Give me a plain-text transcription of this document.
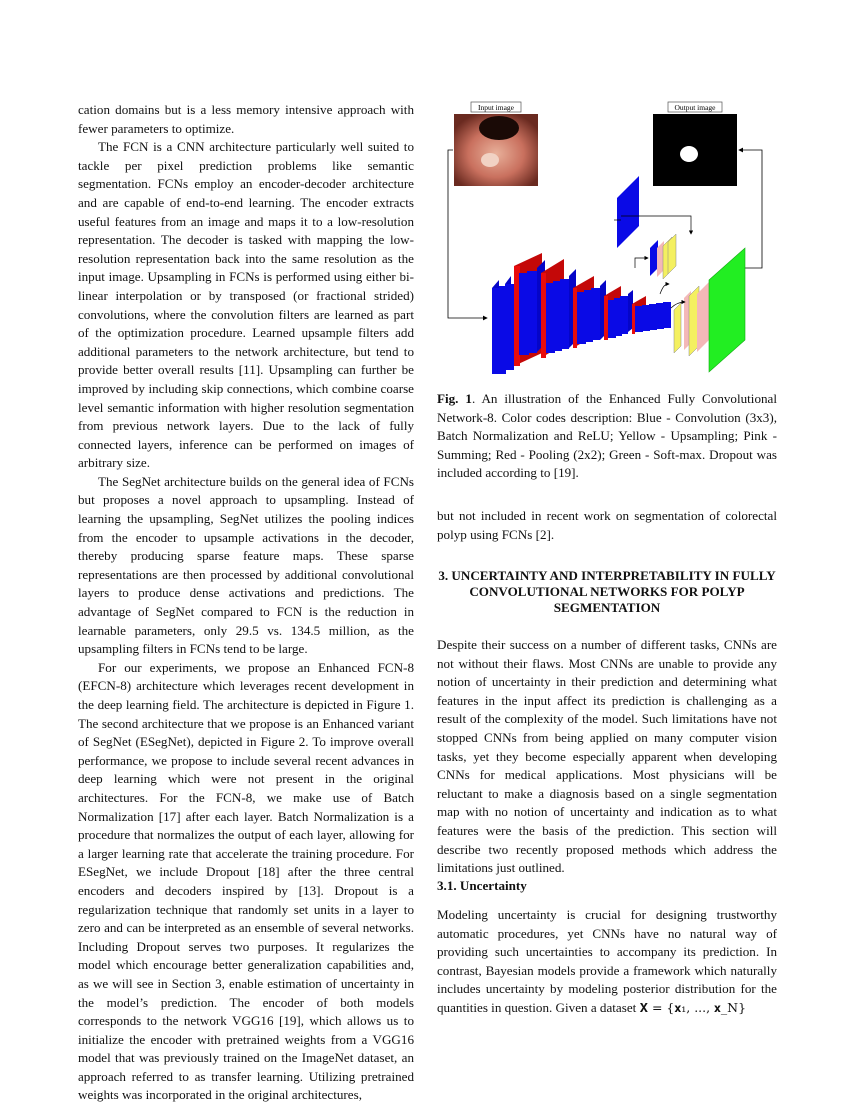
cation domains but is a less memory intensive approach with fewer parameters to optimize.

The FCN is a CNN architecture particularly well suited to tackle per pixel prediction problems like semantic segmentation. FCNs employ an encoder-decoder architecture and are capable of end-to-end learning. The encoder extracts useful features from an image and maps it to a low-resolution representation. The decoder is tasked with mapping the low-resolution representation back into the same resolution as the input image. Upsampling in FCNs is performed using either bi-linear interpolation or by transposed (or fractional strided) convolutions, where the convolution filters are learned as part of the optimization procedure. Learned upsample filters add additional parameters to the network architecture, but tend to provide better overall results [11]. Upsampling can further be improved by including skip connections, which combine coarse level semantic information with higher resolution segmentation from previous network layers. Due to the lack of fully connected layers, inference can be performed on images of arbitrary size.

The SegNet architecture builds on the general idea of FCNs but proposes a novel approach to upsampling. Instead of learning the upsampling, SegNet utilizes the pooling indices from the encoder to upsample activations in the decoder, thereby producing sparse feature maps. These sparse representations are then processed by additional convolutional layers to produce dense activations and predictions. The advantage of SegNet compared to FCN is the reduction in learnable parameters, only 29.5 vs. 134.5 million, as the upsampling filters in FCNs tend to be large.

For our experiments, we propose an Enhanced FCN-8 (EFCN-8) architecture which leverages recent development in the deep learning field. The architecture is depicted in Figure 1. The second architecture that we propose is an Enhanced variant of SegNet (ESegNet), depicted in Figure 2. To improve overall performance, we propose to include several recent advances in deep learning which were not present in the original architectures. For the FCN-8, we make use of Batch Normalization [17] after each layer. Batch Normalization is a procedure that normalizes the output of each layer, allowing for a larger learning rate that accelerate the training procedure. For ESegNet, we include Dropout [18] after the three central encoders and decoders inspired by [13]. Dropout is a regularization technique that randomly set units in a layer to zero and can be interpreted as an ensemble of several networks. Including Dropout serves two purposes. It regularizes the model which encourage better generalization capabilities and, as we will see in Section 3, enable estimation of uncertainty in the model’s prediction. The encoder of both models corresponds to the network VGG16 [19], which allows us to initialize the encoder with pretrained weights from a VGG16 model that was previously trained on the ImageNet dataset, an approach referred to as transfer learning. Utilizing pretrained weights was incorporated in the original architectures,

Input image	Output image
Fig. 1. An illustration of the Enhanced Fully Convolutional Network-8. Color codes description: Blue - Convolution (3x3), Batch Normalization and ReLU; Yellow - Upsampling; Pink - Summing; Red - Pooling (2x2); Green - Soft-max. Dropout was included according to [19].
but not included in recent work on segmentation of colorectal polyp using FCNs [2].
3. UNCERTAINTY AND INTERPRETABILITY IN FULLY CONVOLUTIONAL NETWORKS FOR POLYP SEGMENTATION
Despite their success on a number of different tasks, CNNs are not without their flaws. Most CNNs are unable to provide any notion of uncertainty in their prediction and determining what features in the input affect its prediction is challenging as a result of the complexity of the model. Such limitations have not stopped CNNs from being applied on many computer vision tasks, yet they become especially apparent when developing CNNs for medical applications. Most physicians will be reluctant to make a diagnosis based on a single segmentation map with no notion of uncertainty and indication as to what features were the basis of the prediction. This section will describe two recently proposed methods which address the limitations just outlined.
3.1. Uncertainty
Modeling uncertainty is crucial for designing trustworthy automatic procedures, yet CNNs have no natural way of providing such uncertainties to accompany its prediction. In contrast, Bayesian models provide a framework which naturally includes uncertainty by modeling posterior distribution for the quantities in question. Given a dataset 𝐗 = {𝐱₁, ..., 𝐱_N}
